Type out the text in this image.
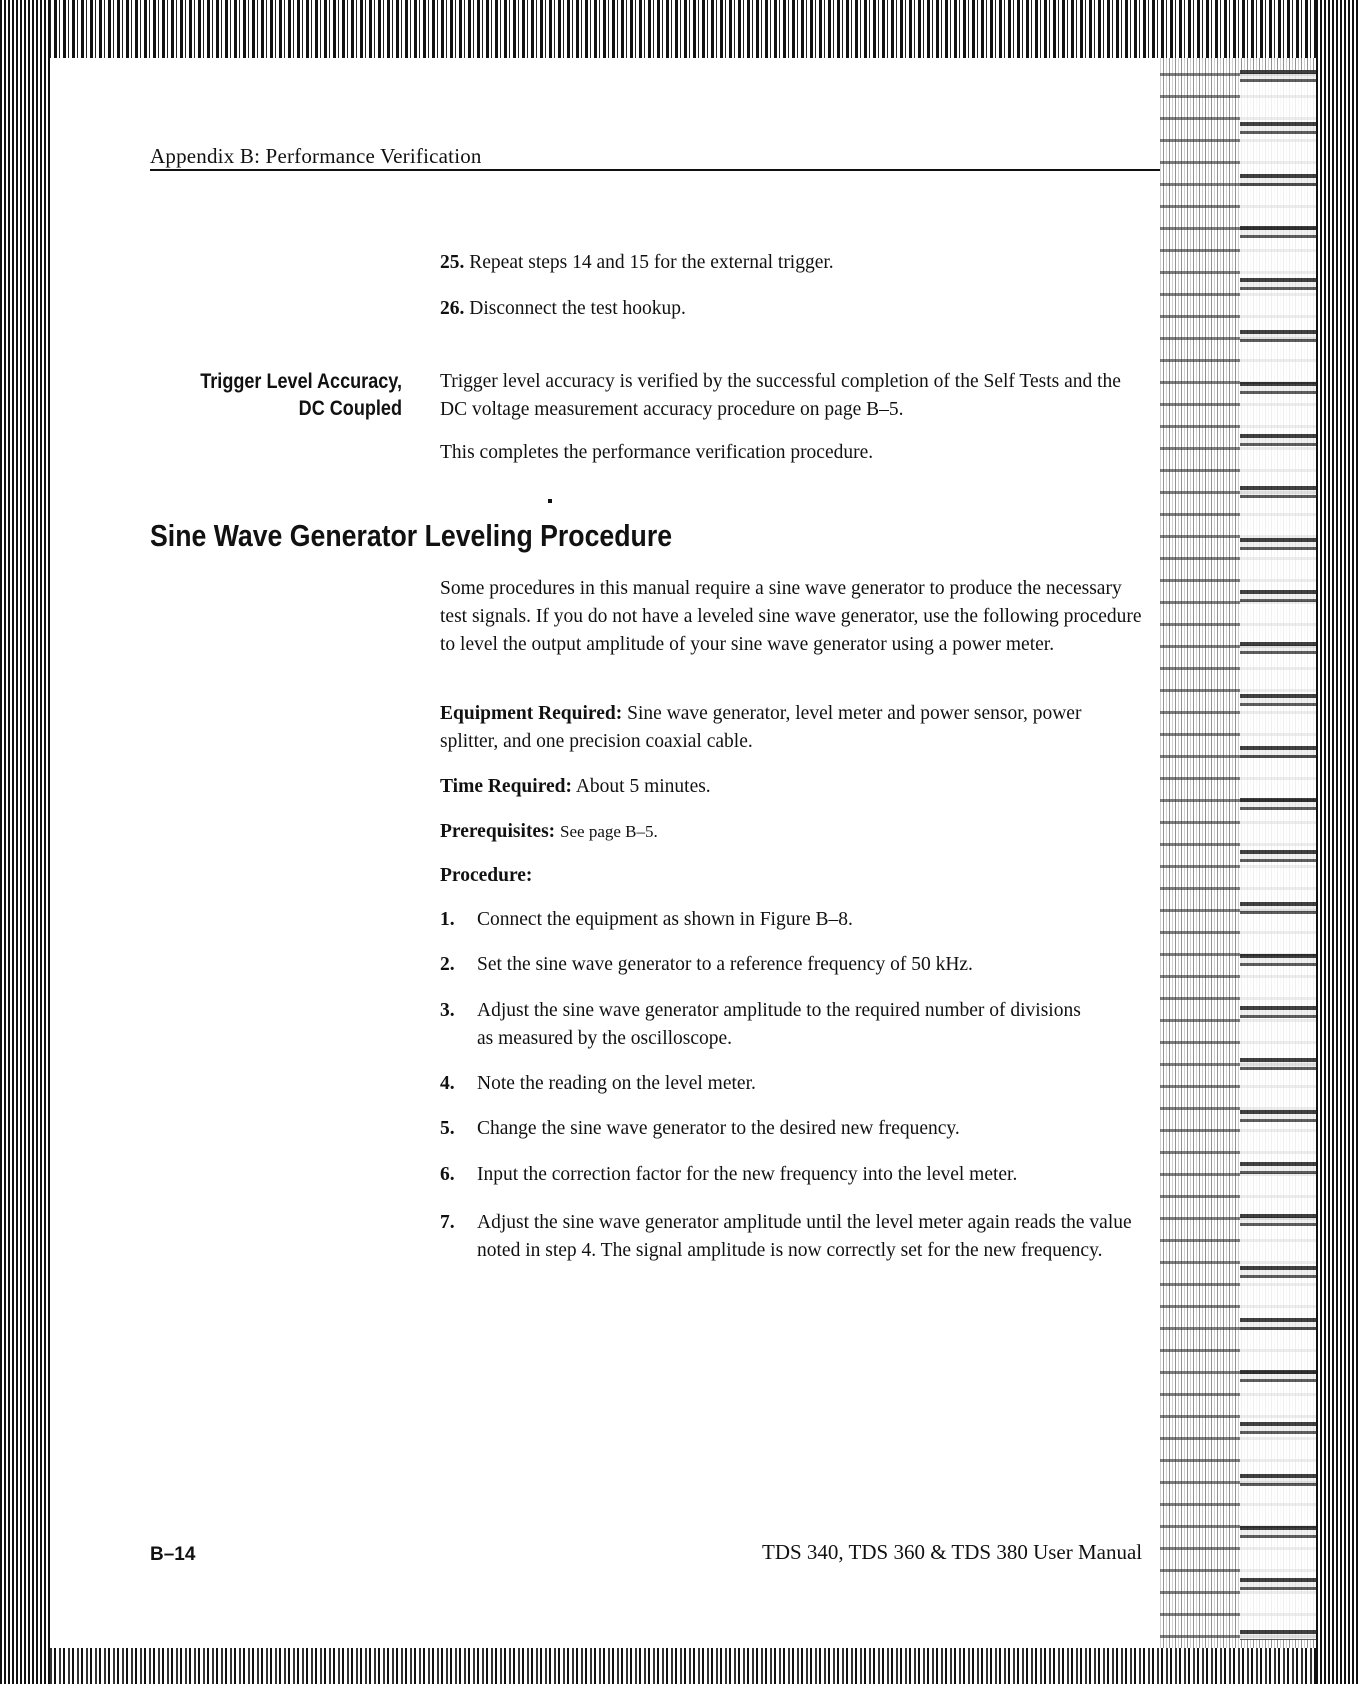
Appendix B: Performance Verification
25. Repeat steps 14 and 15 for the external trigger.
26. Disconnect the test hookup.
Trigger Level Accuracy,
DC Coupled
Trigger level accuracy is verified by the successful completion of the Self Tests and the DC voltage measurement accuracy procedure on page B–5.
This completes the performance verification procedure.
Sine Wave Generator Leveling Procedure
Some procedures in this manual require a sine wave generator to produce the necessary test signals. If you do not have a leveled sine wave generator, use the following procedure to level the output amplitude of your sine wave generator using a power meter.
Equipment Required: Sine wave generator, level meter and power sensor, power splitter, and one precision coaxial cable.
Time Required: About 5 minutes.
Prerequisites: See page B–5.
Procedure:
1. Connect the equipment as shown in Figure B–8.
2. Set the sine wave generator to a reference frequency of 50 kHz.
3. Adjust the sine wave generator amplitude to the required number of divisions as measured by the oscilloscope.
4. Note the reading on the level meter.
5. Change the sine wave generator to the desired new frequency.
6. Input the correction factor for the new frequency into the level meter.
7. Adjust the sine wave generator amplitude until the level meter again reads the value noted in step 4. The signal amplitude is now correctly set for the new frequency.
B–14	TDS 340, TDS 360 & TDS 380 User Manual
